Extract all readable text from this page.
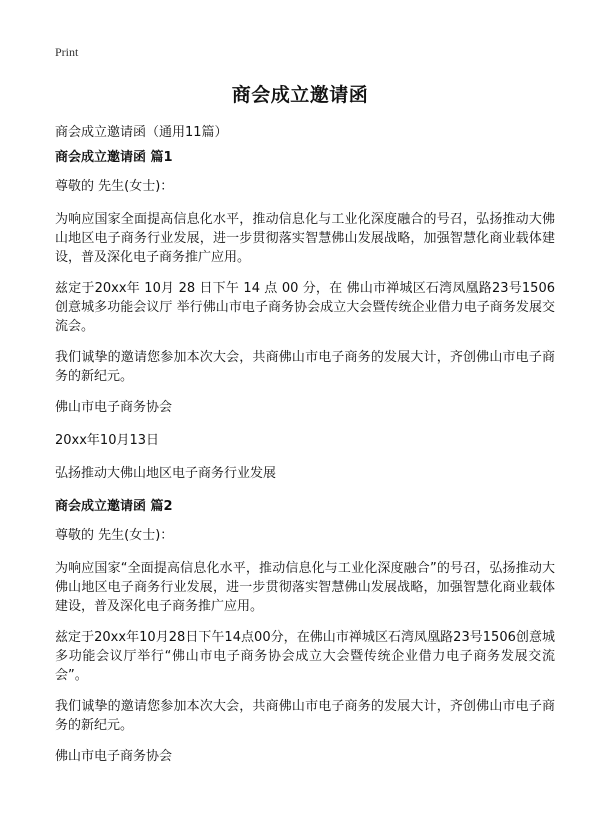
Print
商会成立邀请函
商会成立邀请函（通用11篇）
商会成立邀请函 篇1

尊敬的 先生(女士)：

为响应国家全面提高信息化水平，推动信息化与工业化深度融合的号召，弘扬推动大佛山地区电子商务行业发展，进一步贯彻落实智慧佛山发展战略，加强智慧化商业载体建设，普及深化电子商务推广应用。

兹定于20xx年 10月 28 日下午 14 点 00 分，在 佛山市禅城区石湾凤凰路23号1506创意城多功能会议厅 举行佛山市电子商务协会成立大会暨传统企业借力电子商务发展交流会。

我们诚挚的邀请您参加本次大会，共商佛山市电子商务的发展大计，齐创佛山市电子商务的新纪元。

佛山市电子商务协会

20xx年10月13日

弘扬推动大佛山地区电子商务行业发展

商会成立邀请函 篇2

尊敬的 先生(女士)：

为响应国家“全面提高信息化水平，推动信息化与工业化深度融合”的号召，弘扬推动大佛山地区电子商务行业发展，进一步贯彻落实智慧佛山发展战略，加强智慧化商业载体建设，普及深化电子商务推广应用。

兹定于20xx年10月28日下午14点00分，在佛山市禅城区石湾凤凰路23号1506创意城多功能会议厅举行“佛山市电子商务协会成立大会暨传统企业借力电子商务发展交流会”。

我们诚挚的邀请您参加本次大会，共商佛山市电子商务的发展大计，齐创佛山市电子商务的新纪元。

佛山市电子商务协会
